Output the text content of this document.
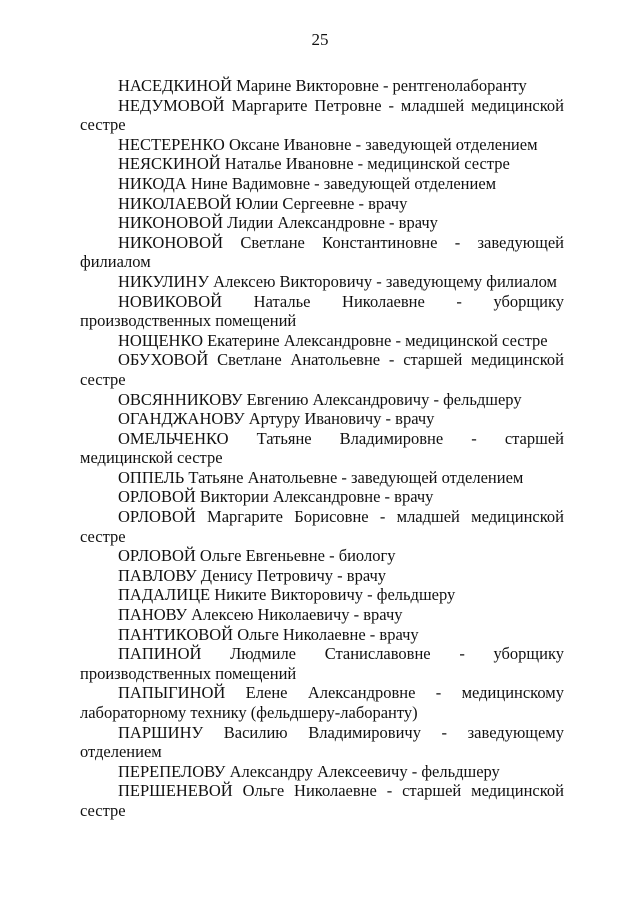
25

НАСЕДКИНОЙ Марине Викторовне - рентгенолаборанту

НЕДУМОВОЙ Маргарите Петровне - младшей медицинской сестре

НЕСТЕРЕНКО Оксане Ивановне - заведующей отделением

НЕЯСКИНОЙ Наталье Ивановне - медицинской сестре

НИКОДА Нине Вадимовне - заведующей отделением

НИКОЛАЕВОЙ Юлии Сергеевне - врачу

НИКОНОВОЙ Лидии Александровне - врачу

НИКОНОВОЙ Светлане Константиновне - заведующей филиалом

НИКУЛИНУ Алексею Викторовичу - заведующему филиалом

НОВИКОВОЙ Наталье Николаевне - уборщику производственных помещений

НОЩЕНКО Екатерине Александровне - медицинской сестре

ОБУХОВОЙ Светлане Анатольевне - старшей медицинской сестре

ОВСЯННИКОВУ Евгению Александровичу - фельдшеру

ОГАНДЖАНОВУ Артуру Ивановичу - врачу

ОМЕЛЬЧЕНКО Татьяне Владимировне - старшей медицинской сестре

ОППЕЛЬ Татьяне Анатольевне - заведующей отделением

ОРЛОВОЙ Виктории Александровне - врачу

ОРЛОВОЙ Маргарите Борисовне - младшей медицинской сестре

ОРЛОВОЙ Ольге Евгеньевне - биологу

ПАВЛОВУ Денису Петровичу - врачу

ПАДАЛИЦЕ Никите Викторовичу - фельдшеру

ПАНОВУ Алексею Николаевичу - врачу

ПАНТИКОВОЙ Ольге Николаевне - врачу

ПАПИНОЙ Людмиле Станиславовне - уборщику производственных помещений

ПАПЫГИНОЙ Елене Александровне - медицинскому лабораторному технику (фельдшеру-лаборанту)

ПАРШИНУ Василию Владимировичу - заведующему отделением

ПЕРЕПЕЛОВУ Александру Алексеевичу - фельдшеру

ПЕРШЕНЕВОЙ Ольге Николаевне - старшей медицинской сестре
